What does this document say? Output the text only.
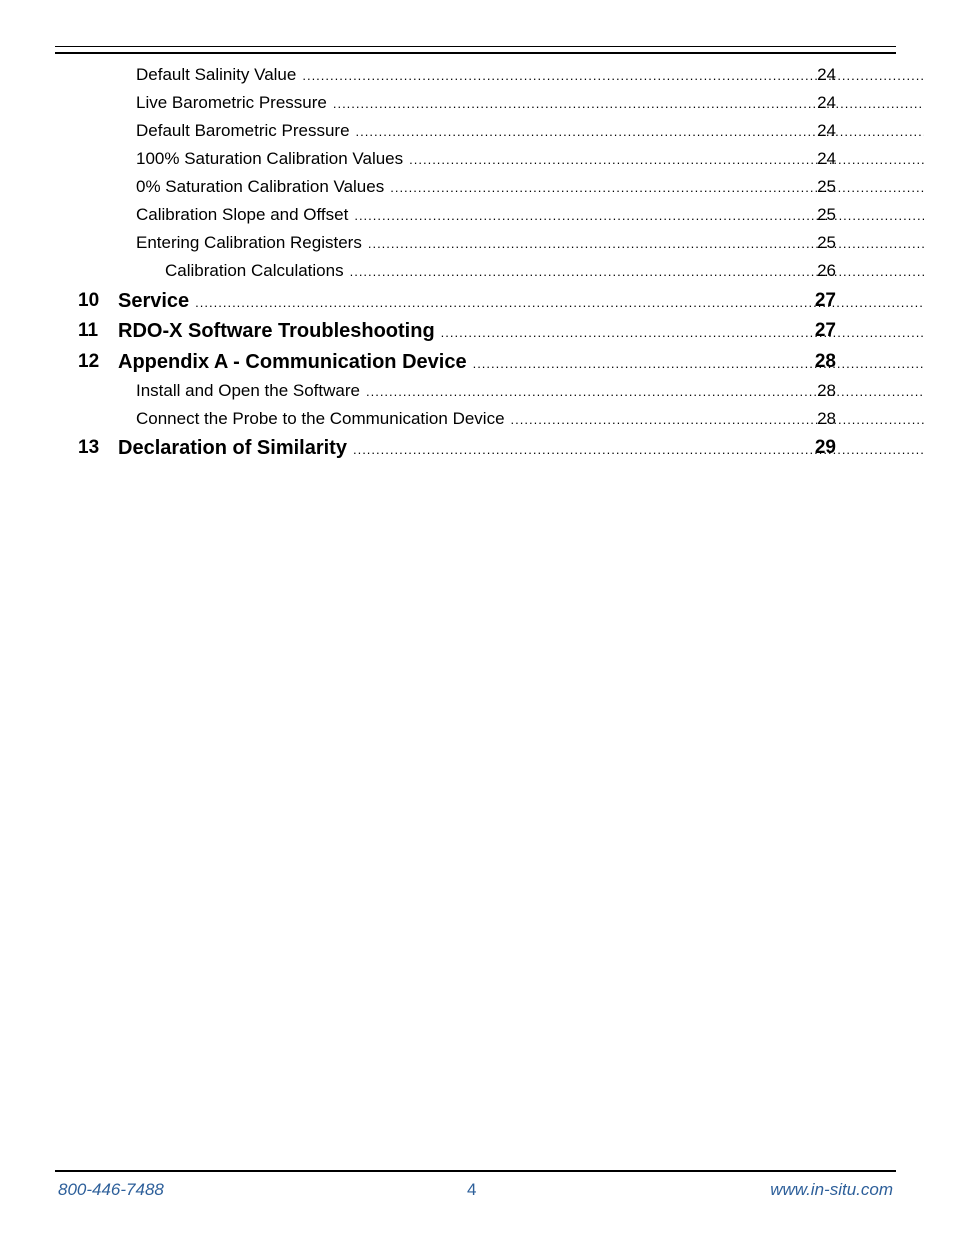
Default Salinity Value .....	24
Live Barometric Pressure .....	24
Default Barometric Pressure .....	24
100% Saturation Calibration Values .....	24
0% Saturation Calibration Values .....	25
Calibration Slope and Offset .....	25
Entering Calibration Registers .....	25
Calibration Calculations .....	26
10 Service .....	27
11 RDO-X Software Troubleshooting .....	27
12 Appendix A - Communication Device .....	28
Install and Open the Software .....	28
Connect the Probe to the Communication Device .....	28
13 Declaration of Similarity .....	29
800-446-7488	4	www.in-situ.com
